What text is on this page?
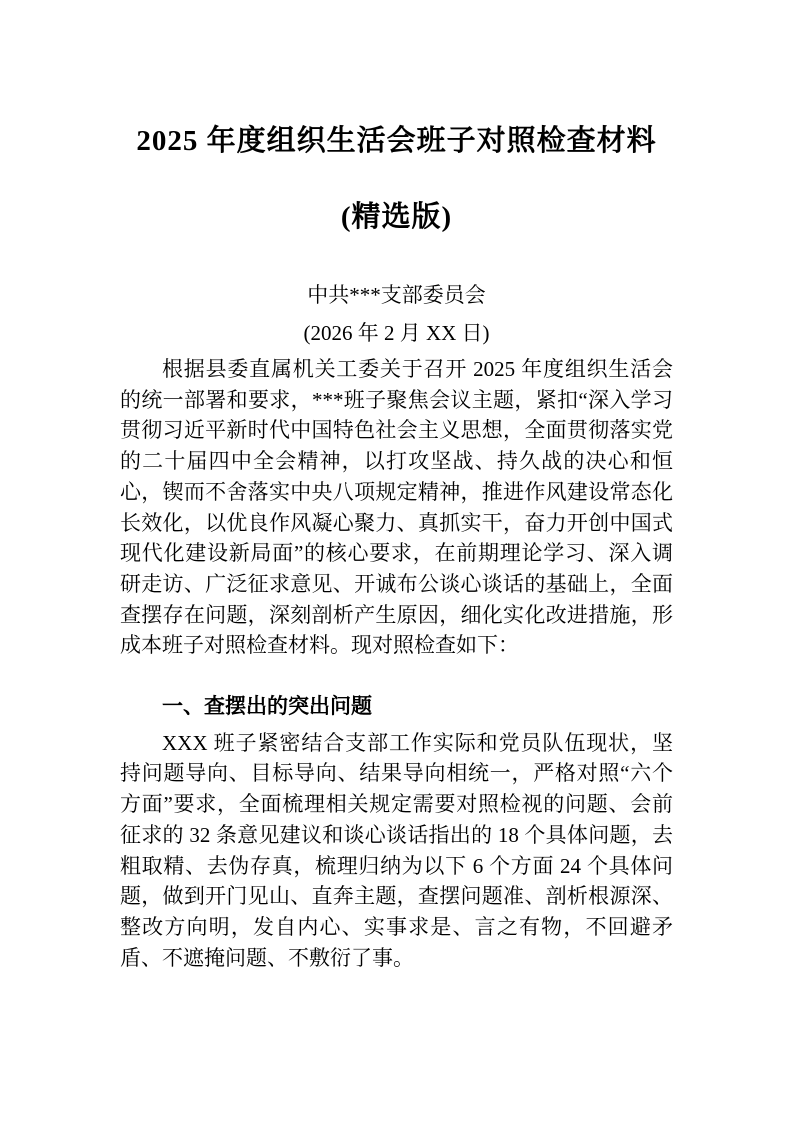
2025 年度组织生活会班子对照检查材料
(精选版)
中共***支部委员会
(2026 年 2 月 XX 日)

根据县委直属机关工委关于召开 2025 年度组织生活会的统一部署和要求，***班子聚焦会议主题，紧扣“深入学习贯彻习近平新时代中国特色社会主义思想，全面贯彻落实党的二十届四中全会精神，以打攻坚战、持久战的决心和恒心，锲而不舍落实中央八项规定精神，推进作风建设常态化长效化，以优良作风凝心聚力、真抓实干，奋力开创中国式现代化建设新局面”的核心要求，在前期理论学习、深入调研走访、广泛征求意见、开诚布公谈心谈话的基础上，全面查摆存在问题，深刻剖析产生原因，细化实化改进措施，形成本班子对照检查材料。现对照检查如下：

一、查摆出的突出问题

XXX 班子紧密结合支部工作实际和党员队伍现状，坚持问题导向、目标导向、结果导向相统一，严格对照“六个方面”要求，全面梳理相关规定需要对照检视的问题、会前征求的 32 条意见建议和谈心谈话指出的 18 个具体问题，去粗取精、去伪存真，梳理归纳为以下 6 个方面 24 个具体问题，做到开门见山、直奔主题，查摆问题准、剖析根源深、整改方向明，发自内心、实事求是、言之有物，不回避矛盾、不遮掩问题、不敷衍了事。
